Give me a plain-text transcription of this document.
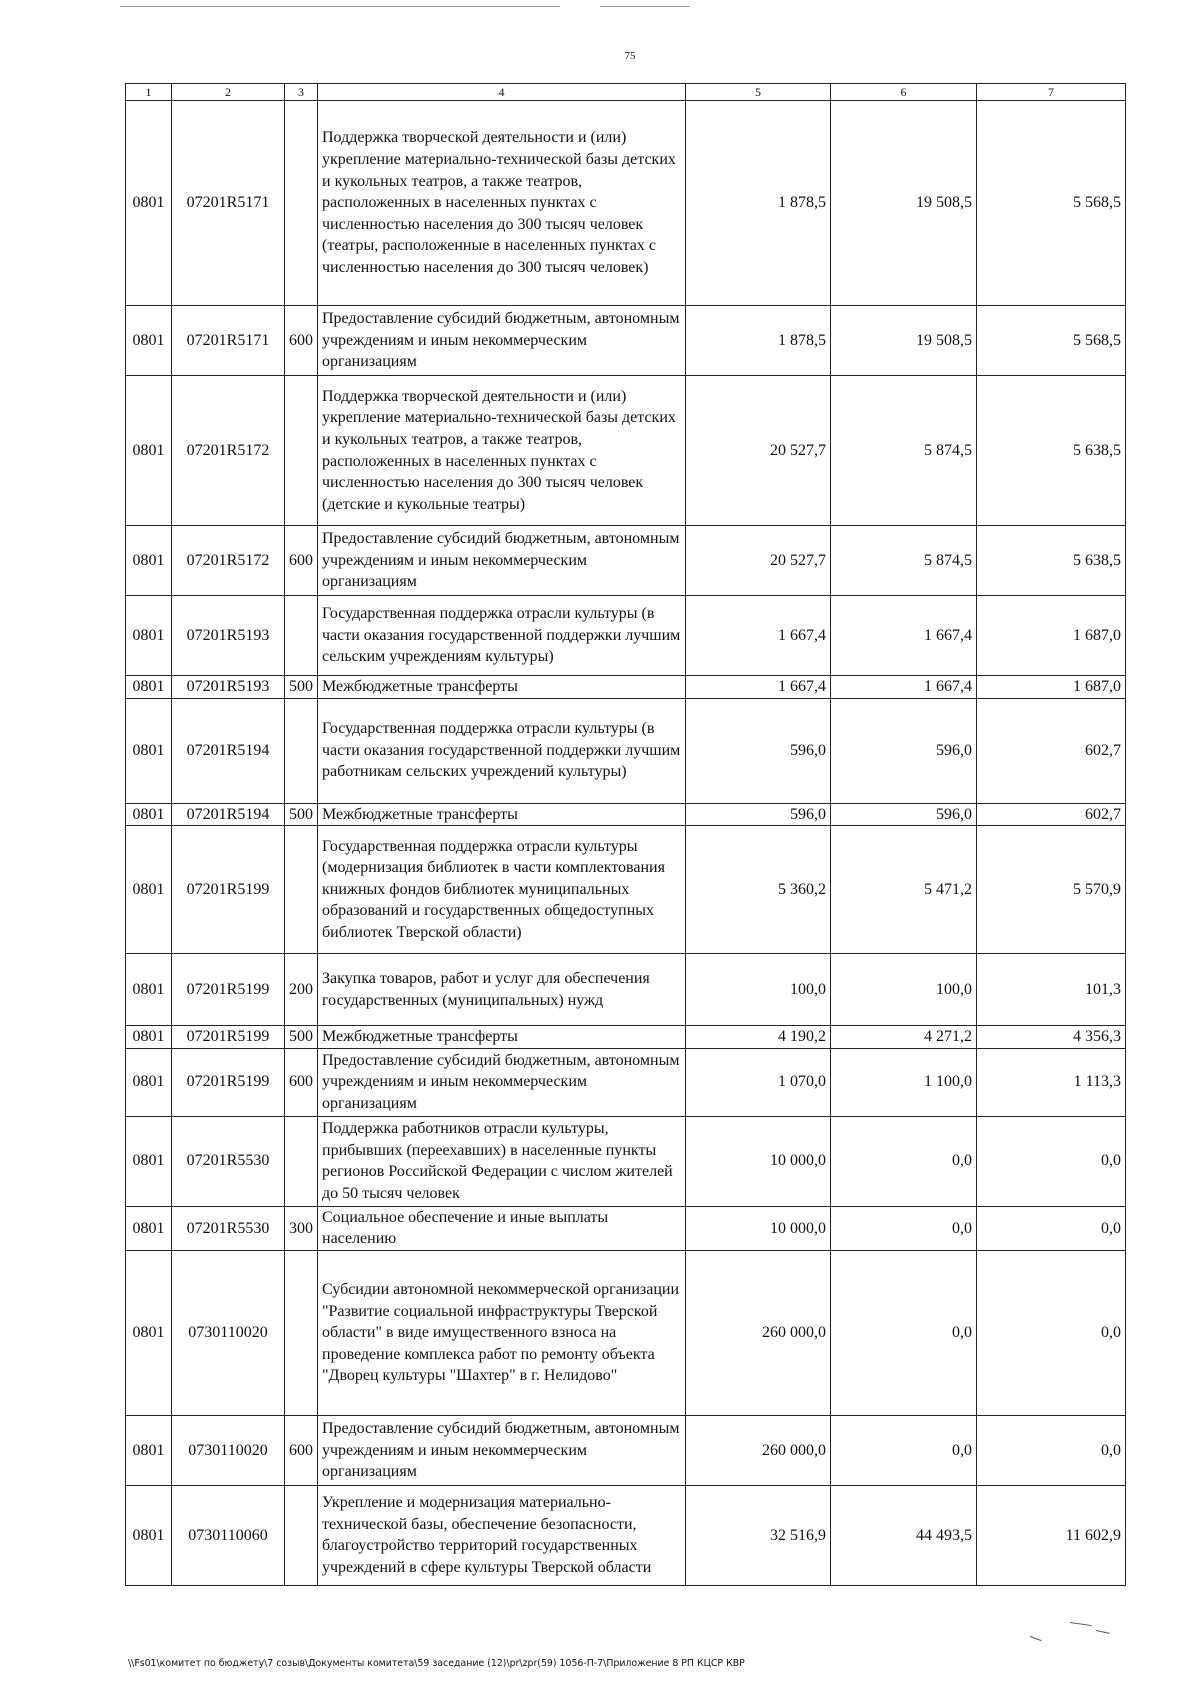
75
1	2	3	4	5	6	7
0801	07201R5171		Поддержка творческой деятельности и (или) укрепление материально-технической базы детских и кукольных театров, а также театров, расположенных в населенных пунктах с численностью населения до 300 тысяч человек (театры, расположенные в населенных пунктах с численностью населения до 300 тысяч человек)	1 878,5	19 508,5	5 568,5
0801	07201R5171	600	Предоставление субсидий бюджетным, автономным учреждениям и иным некоммерческим организациям	1 878,5	19 508,5	5 568,5
0801	07201R5172		Поддержка творческой деятельности и (или) укрепление материально-технической базы детских и кукольных театров, а также театров, расположенных в населенных пунктах с численностью населения до 300 тысяч человек (детские и кукольные театры)	20 527,7	5 874,5	5 638,5
0801	07201R5172	600	Предоставление субсидий бюджетным, автономным учреждениям и иным некоммерческим организациям	20 527,7	5 874,5	5 638,5
0801	07201R5193		Государственная поддержка отрасли культуры (в части оказания государственной поддержки лучшим сельским учреждениям культуры)	1 667,4	1 667,4	1 687,0
0801	07201R5193	500	Межбюджетные трансферты	1 667,4	1 667,4	1 687,0
0801	07201R5194		Государственная поддержка отрасли культуры (в части оказания государственной поддержки лучшим работникам сельских учреждений культуры)	596,0	596,0	602,7
0801	07201R5194	500	Межбюджетные трансферты	596,0	596,0	602,7
0801	07201R5199		Государственная поддержка отрасли культуры (модернизация библиотек в части комплектования книжных фондов библиотек муниципальных образований и государственных общедоступных библиотек Тверской области)	5 360,2	5 471,2	5 570,9
0801	07201R5199	200	Закупка товаров, работ и услуг для обеспечения государственных (муниципальных) нужд	100,0	100,0	101,3
0801	07201R5199	500	Межбюджетные трансферты	4 190,2	4 271,2	4 356,3
0801	07201R5199	600	Предоставление субсидий бюджетным, автономным учреждениям и иным некоммерческим организациям	1 070,0	1 100,0	1 113,3
0801	07201R5530		Поддержка работников отрасли культуры, прибывших (переехавших) в населенные пункты регионов Российской Федерации с числом жителей до 50 тысяч человек	10 000,0	0,0	0,0
0801	07201R5530	300	Социальное обеспечение и иные выплаты населению	10 000,0	0,0	0,0
0801	0730110020		Субсидии автономной некоммерческой организации "Развитие социальной инфраструктуры Тверской области" в виде имущественного взноса на проведение комплекса работ по ремонту объекта "Дворец культуры "Шахтер" в г. Нелидово"	260 000,0	0,0	0,0
0801	0730110020	600	Предоставление субсидий бюджетным, автономным учреждениям и иным некоммерческим организациям	260 000,0	0,0	0,0
0801	0730110060		Укрепление и модернизация материально-технической базы, обеспечение безопасности, благоустройство территорий государственных учреждений в сфере культуры Тверской области	32 516,9	44 493,5	11 602,9
\\Fs01\комитет по бюджету\7 созыв\Документы комитета\59 заседание (12)\pr\zpr(59) 1056-П-7\Приложение 8 РП КЦСР КВР
